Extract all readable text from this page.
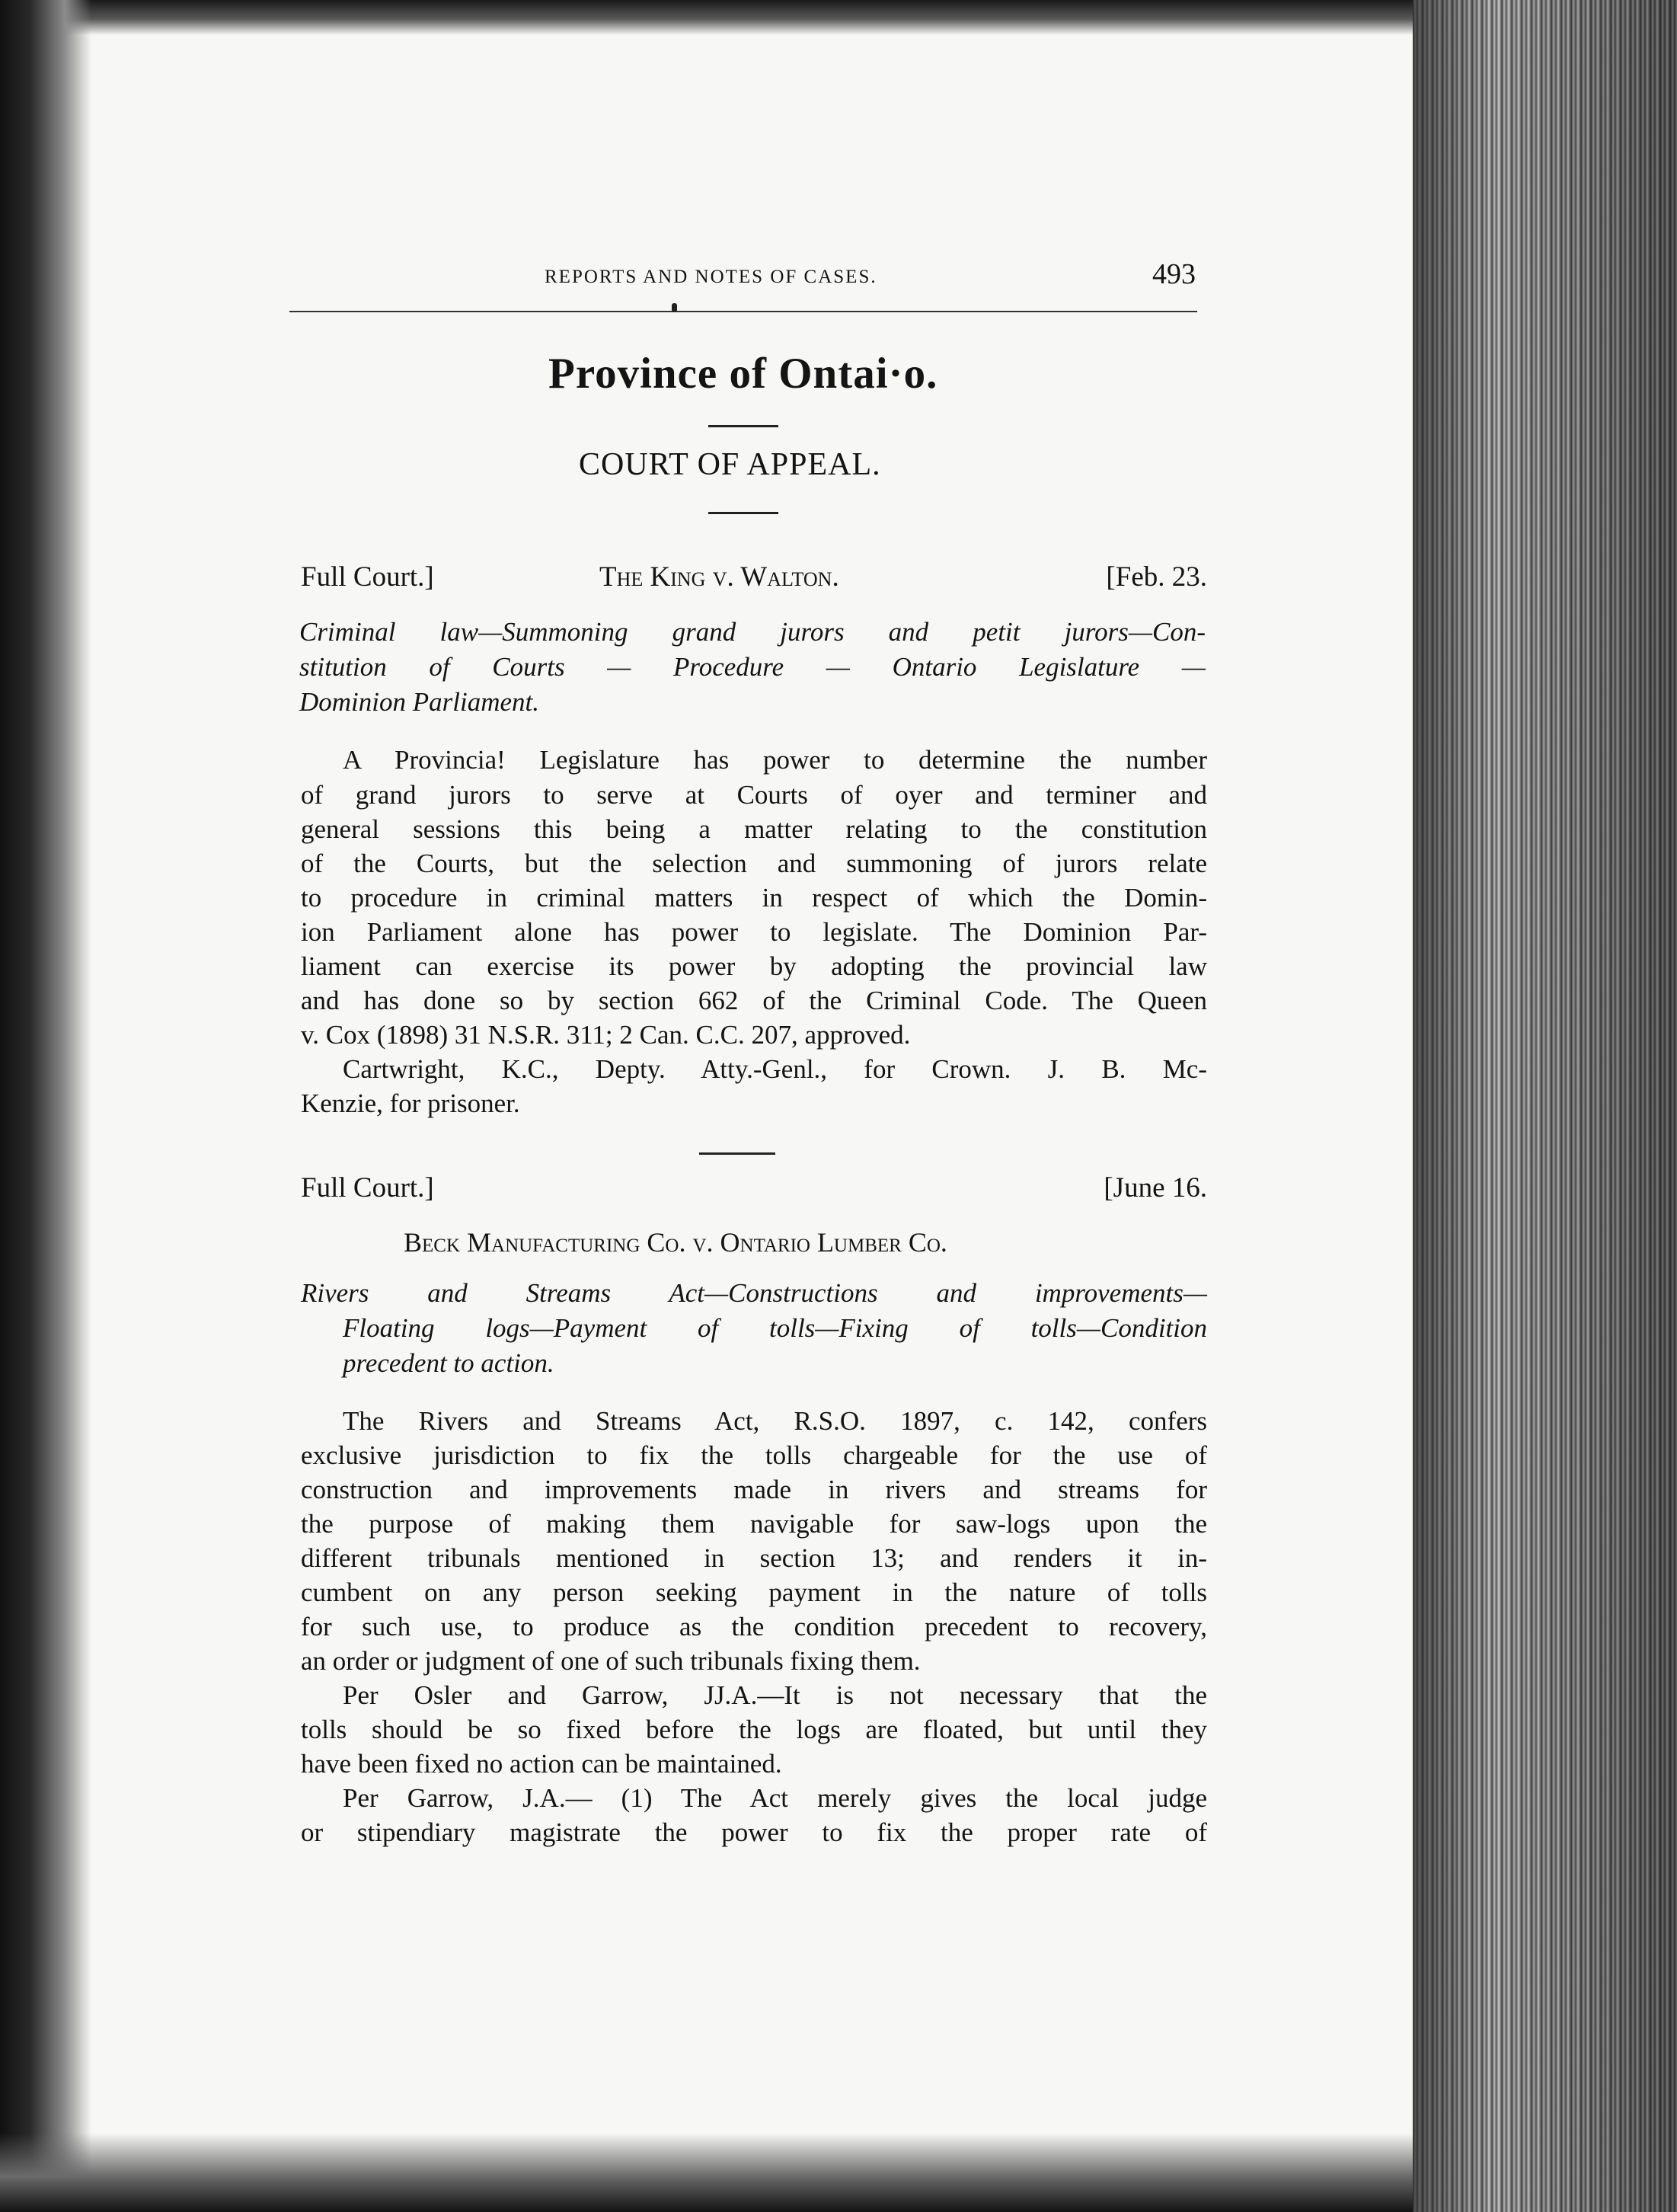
REPORTS AND NOTES OF CASES.	493
Province of Ontai·o.
COURT OF APPEAL.
Full Court.]	The King v. Walton.	[Feb. 23.
Criminal law—Summoning grand jurors and petit jurors—Con-
stitution of Courts — Procedure — Ontario Legislature —
Dominion Parliament.
A Provincia! Legislature has power to determine the number
of grand jurors to serve at Courts of oyer and terminer and
general sessions this being a matter relating to the constitution
of the Courts, but the selection and summoning of jurors relate
to procedure in criminal matters in respect of which the Domin-
ion Parliament alone has power to legislate. The Dominion Par-
liament can exercise its power by adopting the provincial law
and has done so by section 662 of the Criminal Code. The Queen
v. Cox (1898) 31 N.S.R. 311; 2 Can. C.C. 207, approved.
Cartwright, K.C., Depty. Atty.-Genl., for Crown. J. B. Mc-
Kenzie, for prisoner.
Full Court.]	[June 16.
Beck Manufacturing Co. v. Ontario Lumber Co.
Rivers and Streams Act—Constructions and improvements—
Floating logs—Payment of tolls—Fixing of tolls—Condition
precedent to action.
The Rivers and Streams Act, R.S.O. 1897, c. 142, confers
exclusive jurisdiction to fix the tolls chargeable for the use of
construction and improvements made in rivers and streams for
the purpose of making them navigable for saw-logs upon the
different tribunals mentioned in section 13; and renders it in-
cumbent on any person seeking payment in the nature of tolls
for such use, to produce as the condition precedent to recovery,
an order or judgment of one of such tribunals fixing them.
Per Osler and Garrow, JJ.A.—It is not necessary that the
tolls should be so fixed before the logs are floated, but until they
have been fixed no action can be maintained.
Per Garrow, J.A.— (1) The Act merely gives the local judge
or stipendiary magistrate the power to fix the proper rate of
